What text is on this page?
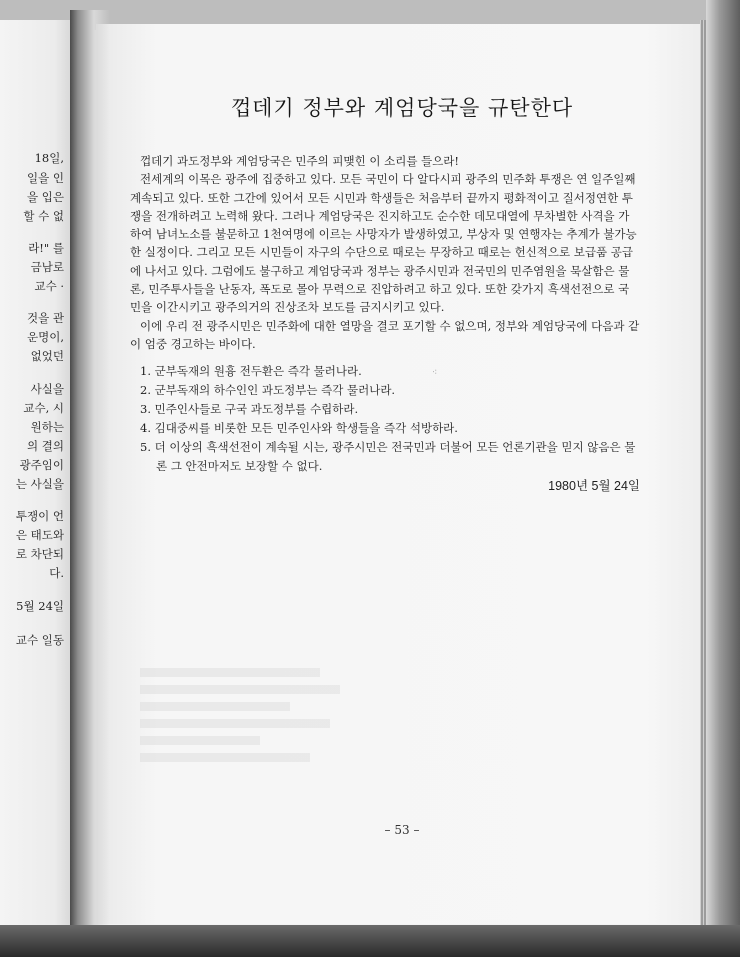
18일,
일을 인
을 입은
할 수 없
라!" 를
금남로
교수 ·
것을 관
운명이,
없었던
사실을
교수, 시
원하는
의 결의
광주임이
는 사실을
투쟁이 언
은 태도와
로 차단되
다.
5월 24일
교수 일동
껍데기 정부와 계엄당국을 규탄한다
껍데기 과도정부와 계엄당국은 민주의 피맺힌 이 소리를 들으라!
전세계의 이목은 광주에 집중하고 있다. 모든 국민이 다 알다시피 광주의 민주화 투쟁은 연 일주일째
계속되고 있다. 또한 그간에 있어서 모든 시민과 학생들은 처음부터 끝까지 평화적이고 질서정연한 투
쟁을 전개하려고 노력해 왔다. 그러나 계엄당국은 진지하고도 순수한 데모대열에 무차별한 사격을 가
하여 남녀노소를 불문하고 1천여명에 이르는 사망자가 발생하였고, 부상자 및 연행자는 추계가 불가능
한 실정이다. 그리고 모든 시민들이 자구의 수단으로 때로는 무장하고 때로는 헌신적으로 보급품 공급
에 나서고 있다. 그럼에도 불구하고 계엄당국과 정부는 광주시민과 전국민의 민주염원을 묵살함은 물
론, 민주투사들을 난동자, 폭도로 몰아 무력으로 진압하려고 하고 있다. 또한 갖가지 흑색선전으로 국
민을 이간시키고 광주의거의 진상조차 보도를 금지시키고 있다.
이에 우리 전 광주시민은 민주화에 대한 열망을 결코 포기할 수 없으며, 정부와 계엄당국에 다음과 같
이 엄중 경고하는 바이다.
1. 군부독재의 원흉 전두환은 즉각 물러나라.
2. 군부독재의 하수인인 과도정부는 즉각 물러나라.
3. 민주인사들로 구국 과도정부를 수립하라.
4. 김대중씨를 비롯한 모든 민주인사와 학생들을 즉각 석방하라.
5. 더 이상의 흑색선전이 계속될 시는, 광주시민은 전국민과 더불어 모든 언론기관을 믿지 않음은 물
론 그 안전마저도 보장할 수 없다.
⁖
1980년 5월 24일
– 53 –
